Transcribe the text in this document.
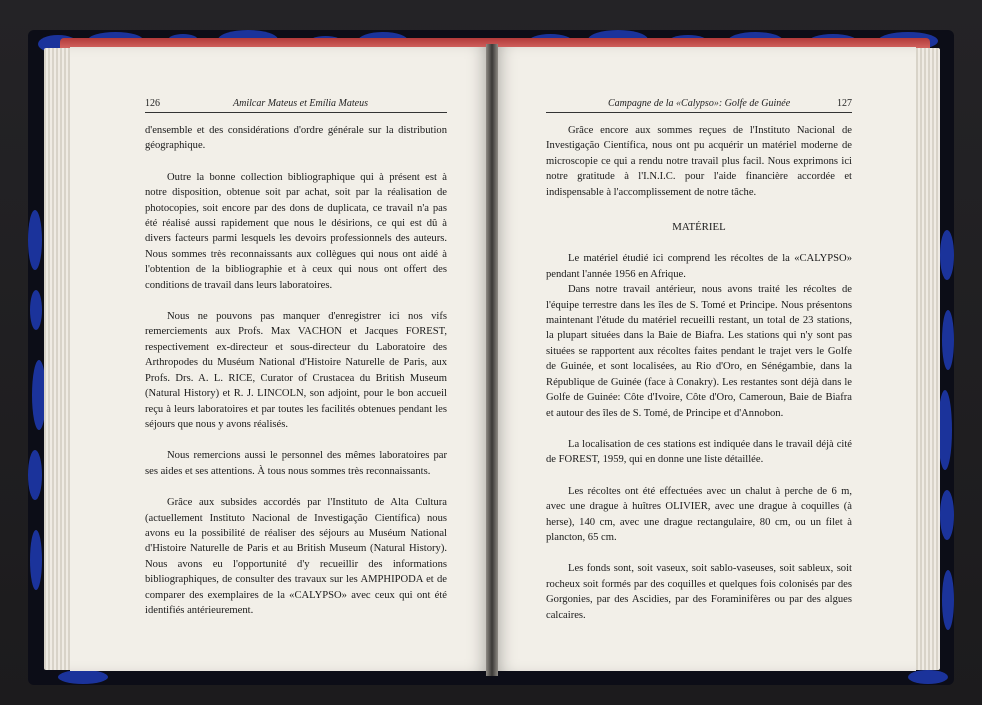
126	Amilcar Mateus et Emília Mateus	Campagne de la «Calypso»: Golfe de Guinée	127

d'ensemble et des considérations d'ordre générale sur la distribution géographique.

Outre la bonne collection bibliographique qui à présent est à notre disposition, obtenue soit par achat, soit par la réalisation de photocopies, soit encore par des dons de duplicata, ce travail n'a pas été réalisé aussi rapidement que nous le désirions, ce qui est dû à divers facteurs parmi lesquels les devoirs professionnels des auteurs. Nous sommes très reconnaissants aux collègues qui nous ont aidé à l'obtention de la bibliographie et à ceux qui nous ont offert des conditions de travail dans leurs laboratoires.

Nous ne pouvons pas manquer d'enregistrer ici nos vifs remerciements aux Profs. Max VACHON et Jacques FOREST, respectivement ex-directeur et sous-directeur du Laboratoire des Arthropodes du Muséum National d'Histoire Naturelle de Paris, aux Profs. Drs. A. L. RICE, Curator of Crustacea du British Museum (Natural History) et R. J. LINCOLN, son adjoint, pour le bon accueil reçu à leurs laboratoires et par toutes les facilités obtenues pendant les séjours que nous y avons réalisés.

Nous remercions aussi le personnel des mêmes laboratoires par ses aides et ses attentions. À tous nous sommes très reconnaissants.

Grâce aux subsides accordés par l'Instituto de Alta Cultura (actuellement Instituto Nacional de Investigação Científica) nous avons eu la possibilité de réaliser des séjours au Muséum National d'Histoire Naturelle de Paris et au British Museum (Natural History). Nous avons eu l'opportunité d'y recueillir des informations bibliographiques, de consulter des travaux sur les AMPHIPODA et de comparer des exemplaires de la «CALYPSO» avec ceux qui ont été identifiés antérieurement.

Grâce encore aux sommes reçues de l'Instituto Nacional de Investigação Científica, nous ont pu acquérir un matériel moderne de microscopie ce qui a rendu notre travail plus facil. Nous exprimons ici notre gratitude à l'I.N.I.C. pour l'aide financière accordée et indispensable à l'accomplissement de notre tâche.

MATÉRIEL

Le matériel étudié ici comprend les récoltes de la «CALYPSO» pendant l'année 1956 en Afrique.

Dans notre travail antérieur, nous avons traité les récoltes de l'équipe terrestre dans les îles de S. Tomé et Principe. Nous présentons maintenant l'étude du matériel recueilli restant, un total de 23 stations, la plupart situées dans la Baie de Biafra. Les stations qui n'y sont pas situées se rapportent aux récoltes faites pendant le trajet vers le Golfe de Guinée, et sont localisées, au Rio d'Oro, en Sénégambie, dans la République de Guinée (face à Conakry). Les restantes sont déjà dans le Golfe de Guinée: Côte d'Ivoire, Côte d'Oro, Cameroun, Baie de Biafra et autour des îles de S. Tomé, de Principe et d'Annobon.

La localisation de ces stations est indiquée dans le travail déjà cité de FOREST, 1959, qui en donne une liste détaillée.

Les récoltes ont été effectuées avec un chalut à perche de 6 m, avec une drague à huîtres OLIVIER, avec une drague à coquilles (à herse), 140 cm, avec une drague rectangulaire, 80 cm, ou un filet à plancton, 65 cm.

Les fonds sont, soit vaseux, soit sablo-vaseuses, soit sableux, soit rocheux soit formés par des coquilles et quelques fois colonisés par des Gorgonies, par des Ascidies, par des Foraminifères ou par des algues calcaires.
